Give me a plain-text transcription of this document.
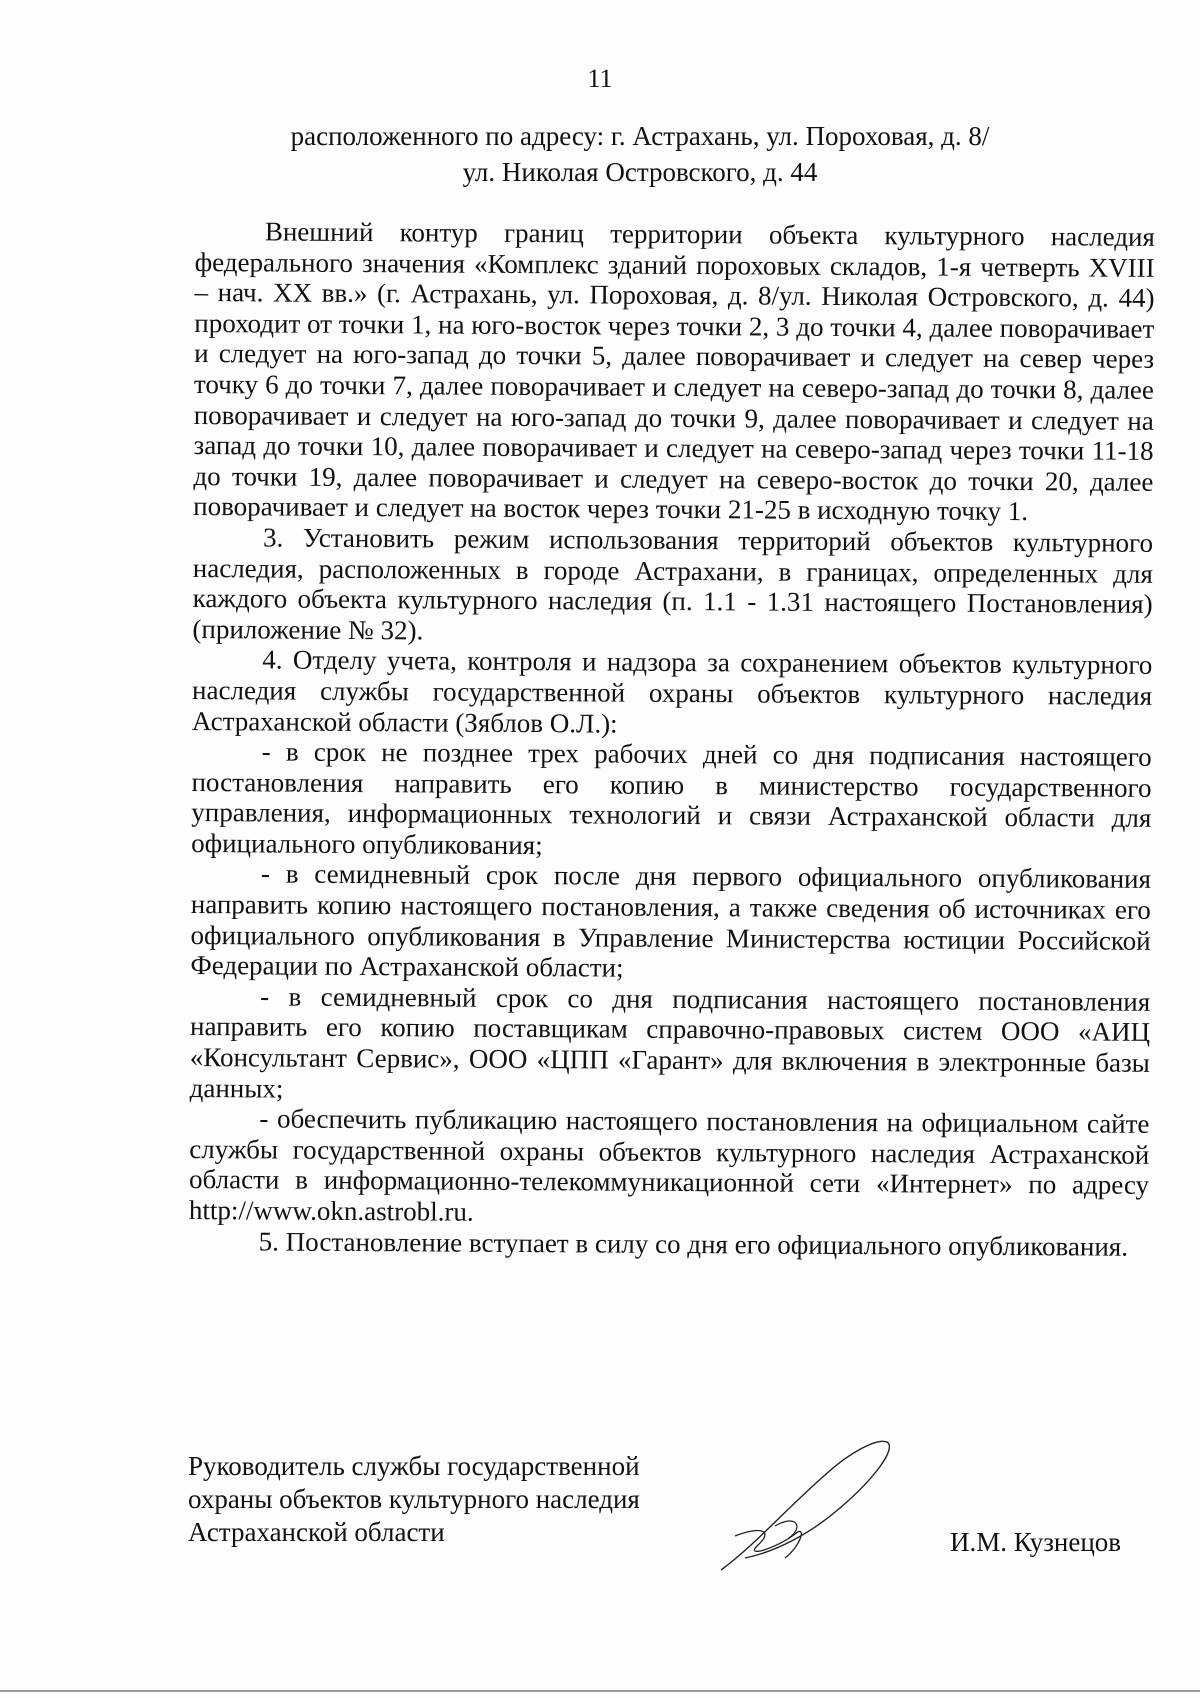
11
расположенного по адресу: г. Астрахань, ул. Пороховая, д. 8/
ул. Николая Островского, д. 44

Внешний контур границ территории объекта культурного наследия федерального значения «Комплекс зданий пороховых складов, 1-я четверть XVIII – нач. XX вв.» (г. Астрахань, ул. Пороховая, д. 8/ул. Николая Островского, д. 44) проходит от точки 1, на юго-восток через точки 2, 3 до точки 4, далее поворачивает и следует на юго-запад до точки 5, далее поворачивает и следует на север через точку 6 до точки 7, далее поворачивает и следует на северо-запад до точки 8, далее поворачивает и следует на юго-запад до точки 9, далее поворачивает и следует на запад до точки 10, далее поворачивает и следует на северо-запад через точки 11-18 до точки 19, далее поворачивает и следует на северо-восток до точки 20, далее поворачивает и следует на восток через точки 21-25 в исходную точку 1.

3. Установить режим использования территорий объектов культурного наследия, расположенных в городе Астрахани, в границах, определенных для каждого объекта культурного наследия (п. 1.1 - 1.31 настоящего Постановления) (приложение № 32).

4. Отделу учета, контроля и надзора за сохранением объектов культурного наследия службы государственной охраны объектов культурного наследия Астраханской области (Зяблов О.Л.):

- в срок не позднее трех рабочих дней со дня подписания настоящего постановления направить его копию в министерство государственного управления, информационных технологий и связи Астраханской области для официального опубликования;

- в семидневный срок после дня первого официального опубликования направить копию настоящего постановления, а также сведения об источниках его официального опубликования в Управление Министерства юстиции Российской Федерации по Астраханской области;

- в семидневный срок со дня подписания настоящего постановления направить его копию поставщикам справочно-правовых систем ООО «АИЦ «Консультант Сервис», ООО «ЦПП «Гарант» для включения в электронные базы данных;

- обеспечить публикацию настоящего постановления на официальном сайте службы государственной охраны объектов культурного наследия Астраханской области в информационно-телекоммуникационной сети «Интернет» по адресу http://www.okn.astrobl.ru.

5. Постановление вступает в силу со дня его официального опубликования.

Руководитель службы государственной
охраны объектов культурного наследия
Астраханской области	И.М. Кузнецов
